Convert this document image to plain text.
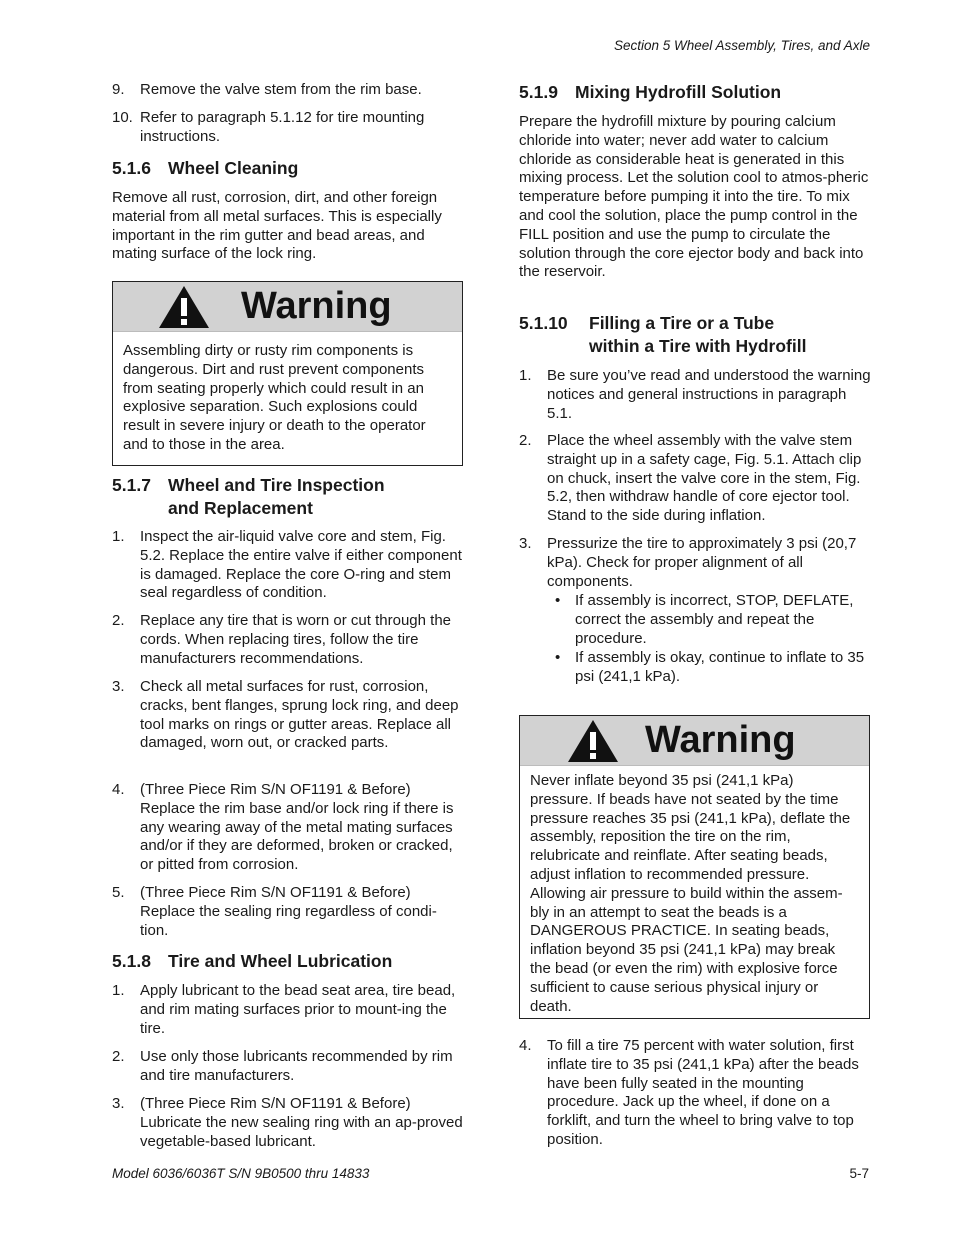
Section 5 Wheel Assembly, Tires, and Axle
9. Remove the valve stem from the rim base.
10. Refer to paragraph 5.1.12 for tire mounting instructions.
5.1.6 Wheel Cleaning
Remove all rust, corrosion, dirt, and other foreign material from all metal surfaces. This is especially important in the rim gutter and bead areas, and mating surface of the lock ring.
Warning
Assembling dirty or rusty rim components is dangerous. Dirt and rust prevent components from seating properly which could result in an explosive separation. Such explosions could result in severe injury or death to the operator and to those in the area.
5.1.7 Wheel and Tire Inspection
and Replacement
1. Inspect the air-liquid valve core and stem, Fig. 5.2. Replace the entire valve if either component is damaged. Replace the core O-ring and stem seal regardless of condition.
2. Replace any tire that is worn or cut through the cords. When replacing tires, follow the tire manufacturers recommendations.
3. Check all metal surfaces for rust, corrosion, cracks, bent flanges, sprung lock ring, and deep tool marks on rings or gutter areas. Replace all damaged, worn out, or cracked parts.
4. (Three Piece Rim S/N OF1191 & Before) Replace the rim base and/or lock ring if there is any wearing away of the metal mating surfaces and/or if they are deformed, broken or cracked, or pitted from corrosion.
5. (Three Piece Rim S/N OF1191 & Before) Replace the sealing ring regardless of condi-tion.
5.1.8 Tire and Wheel Lubrication
1. Apply lubricant to the bead seat area, tire bead, and rim mating surfaces prior to mount-ing the tire.
2. Use only those lubricants recommended by rim and tire manufacturers.
3. (Three Piece Rim S/N OF1191 & Before) Lubricate the new sealing ring with an ap-proved vegetable-based lubricant.
5.1.9 Mixing Hydrofill Solution
Prepare the hydrofill mixture by pouring calcium chloride into water; never add water to calcium chloride as considerable heat is generated in this mixing process. Let the solution cool to atmos-pheric temperature before pumping it into the tire. To mix and cool the solution, place the pump control in the FILL position and use the pump to circulate the solution through the core ejector body and back into the reservoir.
5.1.10 Filling a Tire or a Tube
within a Tire with Hydrofill
1. Be sure you’ve read and understood the warning notices and general instructions in paragraph 5.1.
2. Place the wheel assembly with the valve stem straight up in a safety cage, Fig. 5.1. Attach clip on chuck, insert the valve core in the stem, Fig. 5.2, then withdraw handle of core ejector tool. Stand to the side during inflation.
3. Pressurize the tire to approximately 3 psi (20,7 kPa). Check for proper alignment of all components.
• If assembly is incorrect, STOP, DEFLATE, correct the assembly and repeat the procedure.
• If assembly is okay, continue to inflate to 35 psi (241,1 kPa).
Warning
Never inflate beyond 35 psi (241,1 kPa) pressure. If beads have not seated by the time pressure reaches 35 psi (241,1 kPa), deflate the assembly, reposition the tire on the rim, relubricate and reinflate. After seating beads, adjust inflation to recommended pressure. Allowing air pressure to build within the assem-bly in an attempt to seat the beads is a DANGEROUS PRACTICE. In seating beads, inflation beyond 35 psi (241,1 kPa) may break the bead (or even the rim) with explosive force sufficient to cause serious physical injury or death.
4. To fill a tire 75 percent with water solution, first inflate tire to 35 psi (241,1 kPa) after the beads have been fully seated in the mounting procedure. Jack up the wheel, if done on a forklift, and turn the wheel to bring valve to top position.
Model 6036/6036T S/N 9B0500 thru 14833	5-7
